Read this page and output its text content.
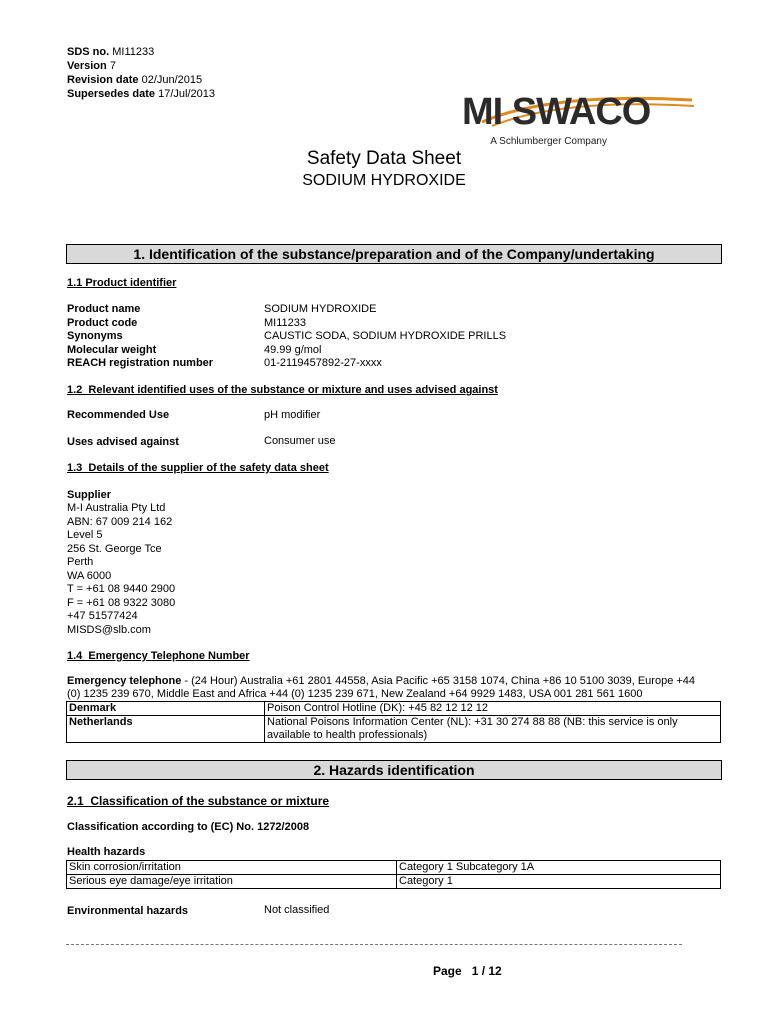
SDS no. MI11233
Version 7
Revision date 02/Jun/2015
Supersedes date 17/Jul/2013	MI SWACO
A Schlumberger Company
Safety Data Sheet
SODIUM HYDROXIDE
1. Identification of the substance/preparation and of the Company/undertaking
1.1 Product identifier
Product name	SODIUM HYDROXIDE
Product code	MI11233
Synonyms	CAUSTIC SODA, SODIUM HYDROXIDE PRILLS
Molecular weight	49.99 g/mol
REACH registration number	01-2119457892-27-xxxx
1.2  Relevant identified uses of the substance or mixture and uses advised against
Recommended Use	pH modifier
Uses advised against	Consumer use
1.3  Details of the supplier of the safety data sheet
Supplier
M-I Australia Pty Ltd
ABN: 67 009 214 162
Level 5
256 St. George Tce
Perth
WA 6000
T = +61 08 9440 2900
F = +61 08 9322 3080
+47 51577424
MISDS@slb.com
1.4  Emergency Telephone Number
Emergency telephone - (24 Hour) Australia +61 2801 44558, Asia Pacific +65 3158 1074, China +86 10 5100 3039, Europe +44
(0) 1235 239 670, Middle East and Africa +44 (0) 1235 239 671, New Zealand +64 9929 1483, USA 001 281 561 1600
Denmark	Poison Control Hotline (DK): +45 82 12 12 12
Netherlands	National Poisons Information Center (NL): +31 30 274 88 88 (NB: this service is only available to health professionals)
2. Hazards identification
2.1  Classification of the substance or mixture
Classification according to (EC) No. 1272/2008
Health hazards
Skin corrosion/irritation	Category 1 Subcategory 1A
Serious eye damage/eye irritation	Category 1
Environmental hazards	Not classified
Page 1 / 12
